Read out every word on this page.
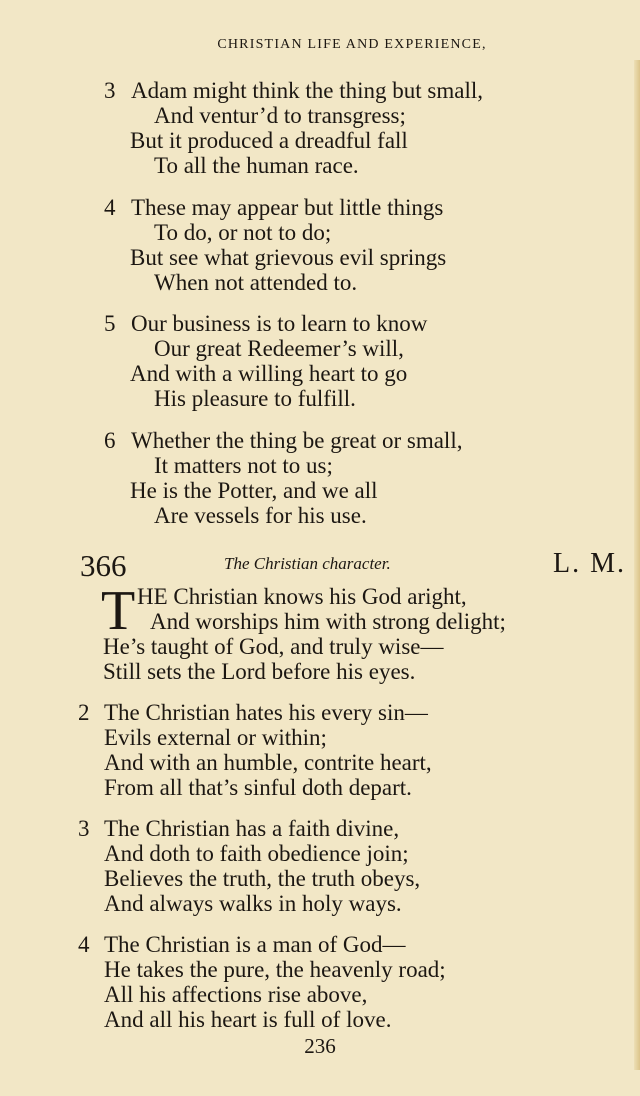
CHRISTIAN LIFE AND EXPERIENCE,
3 Adam might think the thing but small,
And ventur’d to transgress;
But it produced a dreadful fall
To all the human race.
4 These may appear but little things
To do, or not to do;
But see what grievous evil springs
When not attended to.
5 Our business is to learn to know
Our great Redeemer’s will,
And with a willing heart to go
His pleasure to fulfill.
6 Whether the thing be great or small,
It matters not to us;
He is the Potter, and we all
Are vessels for his use.
366	The Christian character.	L. M.
T HE Christian knows his God aright,
And worships him with strong delight;
He’s taught of God, and truly wise—
Still sets the Lord before his eyes.
2 The Christian hates his every sin—
Evils external or within;
And with an humble, contrite heart,
From all that’s sinful doth depart.
3 The Christian has a faith divine,
And doth to faith obedience join;
Believes the truth, the truth obeys,
And always walks in holy ways.
4 The Christian is a man of God—
He takes the pure, the heavenly road;
All his affections rise above,
And all his heart is full of love.
236
